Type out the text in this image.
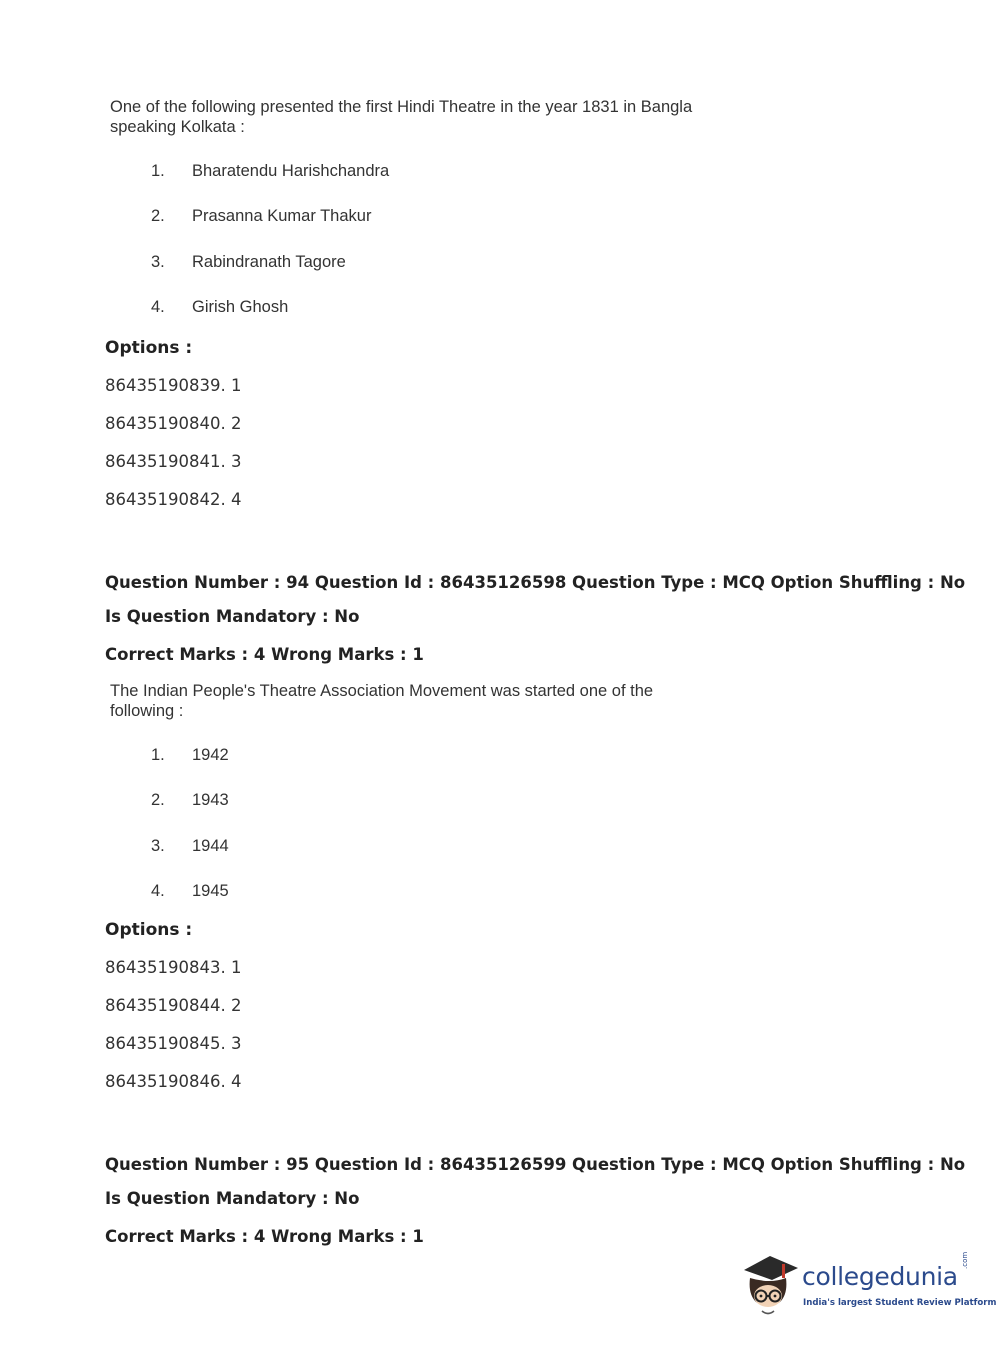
One of the following presented the first Hindi Theatre in the year 1831 in Bangla
speaking Kolkata :
1. Bharatendu Harishchandra
2. Prasanna Kumar Thakur
3. Rabindranath Tagore
4. Girish Ghosh
Options :
86435190839. 1
86435190840. 2
86435190841. 3
86435190842. 4
Question Number : 94 Question Id : 86435126598 Question Type : MCQ Option Shuffling : No
Is Question Mandatory : No
Correct Marks : 4 Wrong Marks : 1
The Indian People's Theatre Association Movement was started one of the
following :
1. 1942
2. 1943
3. 1944
4. 1945
Options :
86435190843. 1
86435190844. 2
86435190845. 3
86435190846. 4
Question Number : 95 Question Id : 86435126599 Question Type : MCQ Option Shuffling : No
Is Question Mandatory : No
Correct Marks : 4 Wrong Marks : 1
collegedunia
.com
India's largest Student Review Platform
